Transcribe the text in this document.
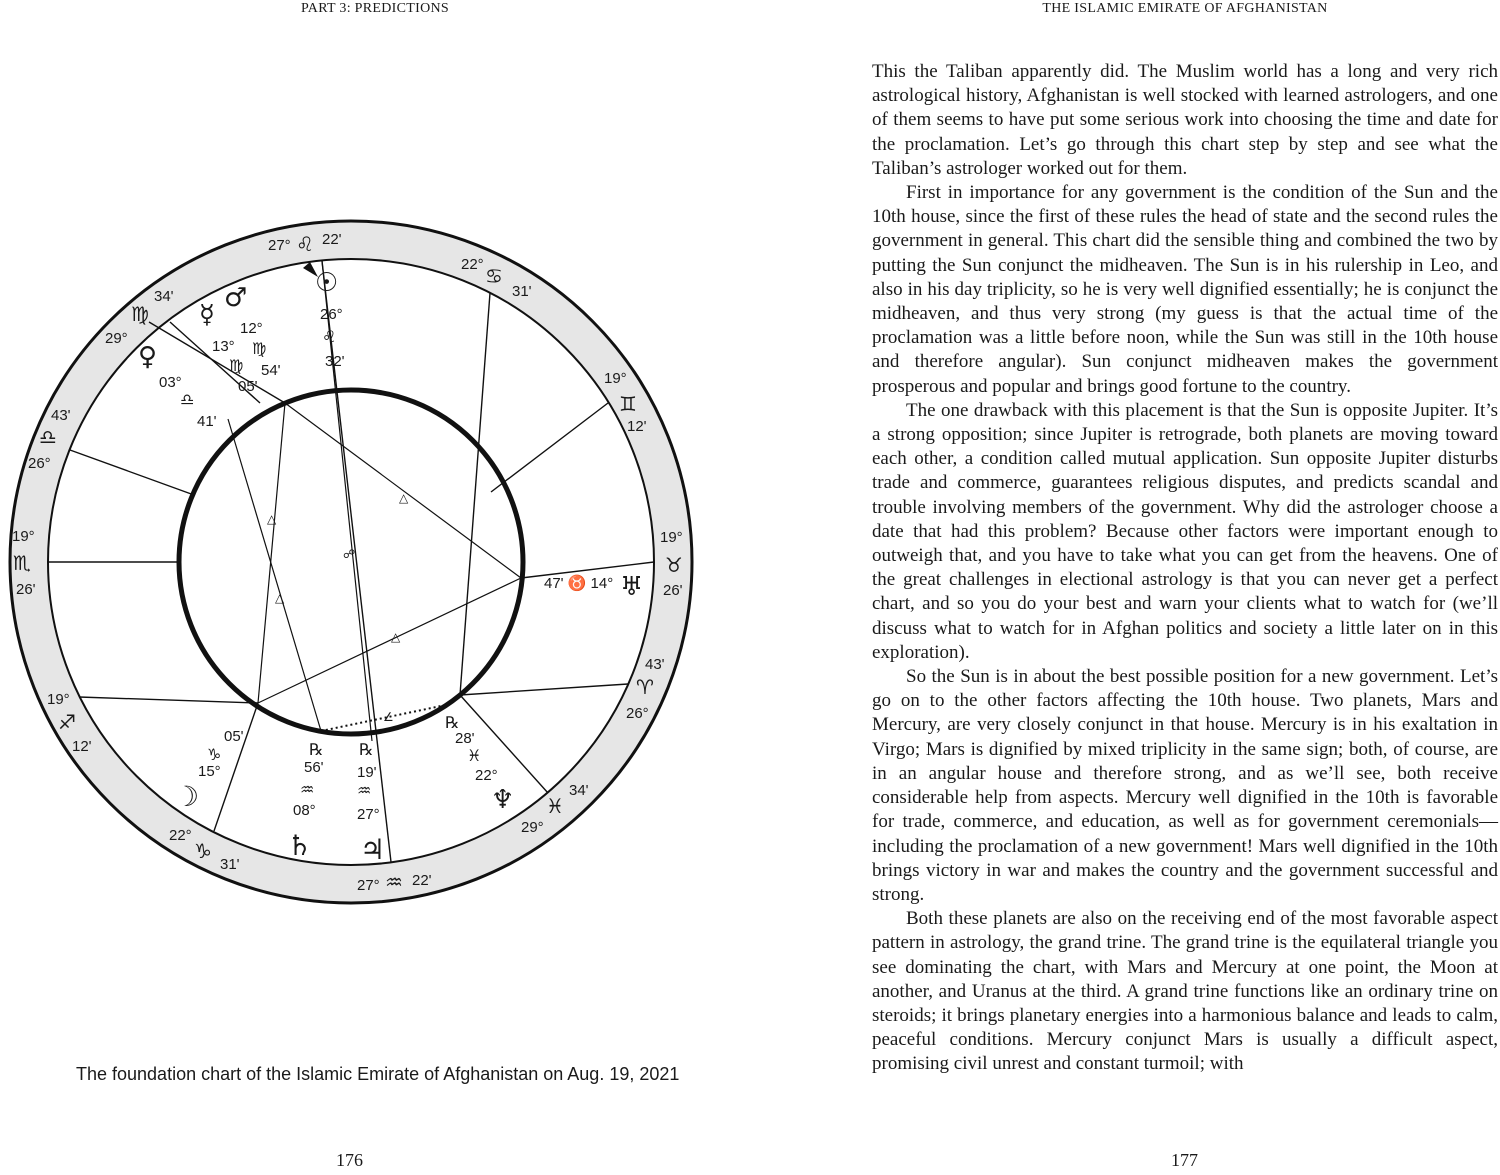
PART 3: PREDICTIONS	THE ISLAMIC EMIRATE OF AFGHANISTAN
△
△
△
△
☍
∠
27° ♌ 22'
22° ♋
31'
19°
♊
12'
19°
♉
26'
43'
♈
26°
34'
♓
29°
27° ♒ 22'
22°
♑
31'
19°
♐
12'
19°
♏
26'
43'
♎
26°
34'
♍
29°
☉
26°
♌
32'
♂
12°
♍
54'
☿
13°
♍
05'
♀
03°
♎
41'
47' ♉ 14° ♅
℞
28'
♓
22°
♆
℞
19'
♒
27°
♃
℞
56'
♒
08°
♄
05'
♑
15°
☽
The foundation chart of the Islamic Emirate of Afghanistan on Aug. 19, 2021
176

This the Taliban apparently did. The Muslim world has a long and very rich astrological history, Afghanistan is well stocked with learned astrologers, and one of them seems to have put some serious work into choosing the time and date for the proclamation. Let’s go through this chart step by step and see what the Taliban’s astrologer worked out for them.

First in importance for any government is the condition of the Sun and the 10th house, since the first of these rules the head of state and the second rules the government in general. This chart did the sensible thing and combined the two by putting the Sun conjunct the midheaven. The Sun is in his rulership in Leo, and also in his day triplicity, so he is very well dignified essentially; he is conjunct the midheaven, and thus very strong (my guess is that the actual time of the proclamation was a little before noon, while the Sun was still in the 10th house and therefore angular). Sun conjunct midheaven makes the government prosperous and popular and brings good fortune to the country.

The one drawback with this placement is that the Sun is opposite Jupiter. It’s a strong opposition; since Jupiter is retrograde, both planets are moving toward each other, a condition called mutual application. Sun opposite Jupiter disturbs trade and commerce, guarantees religious disputes, and predicts scandal and trouble involving members of the government. Why did the astrologer choose a date that had this problem? Because other factors were important enough to outweigh that, and you have to take what you can get from the heavens. One of the great challenges in electional astrology is that you can never get a perfect chart, and so you do your best and warn your clients what to watch for (we’ll discuss what to watch for in Afghan politics and society a little later on in this exploration).

So the Sun is in about the best possible position for a new government. Let’s go on to the other factors affecting the 10th house. Two planets, Mars and Mercury, are very closely conjunct in that house. Mercury is in his exaltation in Virgo; Mars is dignified by mixed triplicity in the same sign; both, of course, are in an angular house and therefore strong, and as we’ll see, both receive considerable help from aspects. Mercury well dignified in the 10th is favorable for trade, commerce, and education, as well as for government ceremonials—including the proclamation of a new government! Mars well dignified in the 10th brings victory in war and makes the country and the government successful and strong.

Both these planets are also on the receiving end of the most favorable aspect pattern in astrology, the grand trine. The grand trine is the equilateral triangle you see dominating the chart, with Mars and Mercury at one point, the Moon at another, and Uranus at the third. A grand trine functions like an ordinary trine on steroids; it brings planetary energies into a harmonious balance and leads to calm, peaceful conditions. Mercury conjunct Mars is usually a difficult aspect, promising civil unrest and constant turmoil; with

177
